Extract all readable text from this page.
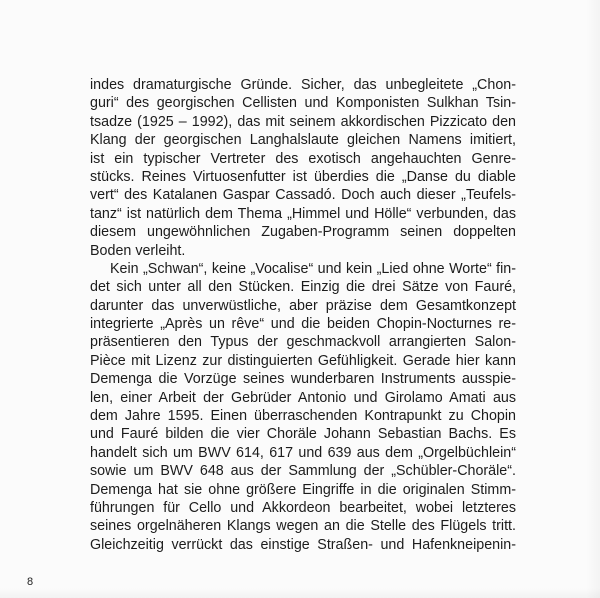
indes dramaturgische Gründe. Sicher, das unbegleitete „Chon-
guri“ des georgischen Cellisten und Komponisten Sulkhan Tsin-
tsadze (1925 – 1992), das mit seinem akkordischen Pizzicato den
Klang der georgischen Langhalslaute gleichen Namens imitiert,
ist ein typischer Vertreter des exotisch angehauchten Genre-
stücks. Reines Virtuosenfutter ist überdies die „Danse du diable
vert“ des Katalanen Gaspar Cassadó. Doch auch dieser „Teufels-
tanz“ ist natürlich dem Thema „Himmel und Hölle“ verbunden, das
diesem ungewöhnlichen Zugaben-Programm seinen doppelten
Boden verleiht.
Kein „Schwan“, keine „Vocalise“ und kein „Lied ohne Worte“ fin-
det sich unter all den Stücken. Einzig die drei Sätze von Fauré,
darunter das unverwüstliche, aber präzise dem Gesamtkonzept
integrierte „Après un rêve“ und die beiden Chopin-Nocturnes re-
präsentieren den Typus der geschmackvoll arrangierten Salon-
Pièce mit Lizenz zur distinguierten Gefühligkeit. Gerade hier kann
Demenga die Vorzüge seines wunderbaren Instruments ausspie-
len, einer Arbeit der Gebrüder Antonio und Girolamo Amati aus
dem Jahre 1595. Einen überraschenden Kontrapunkt zu Chopin
und Fauré bilden die vier Choräle Johann Sebastian Bachs. Es
handelt sich um BWV 614, 617 und 639 aus dem „Orgelbüchlein“
sowie um BWV 648 aus der Sammlung der „Schübler-Choräle“.
Demenga hat sie ohne größere Eingriffe in die originalen Stimm-
führungen für Cello und Akkordeon bearbeitet, wobei letzteres
seines orgelnäheren Klangs wegen an die Stelle des Flügels tritt.
Gleichzeitig verrückt das einstige Straßen- und Hafenkneipenin-
8
